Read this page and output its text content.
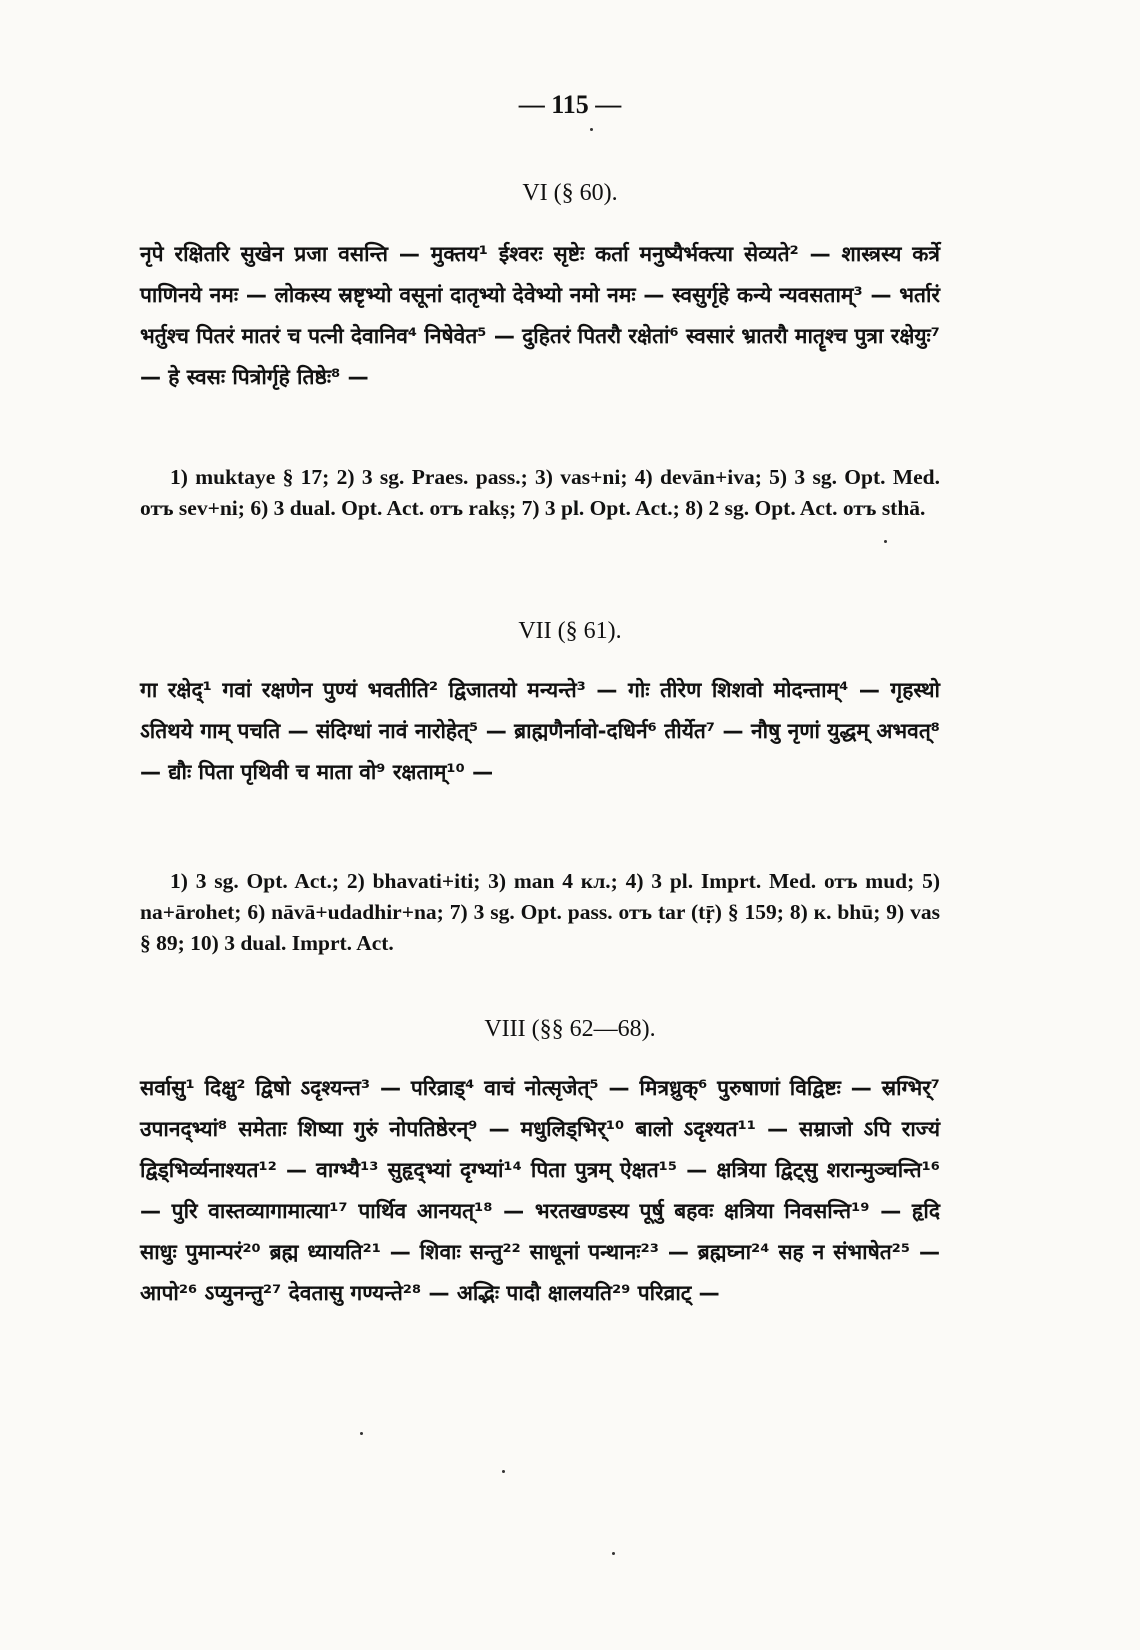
— 115 —
VI (§ 60).
नृपे रक्षितरि सुखेन प्रजा वसन्ति — मुक्तय¹ ईश्वरः सृष्टेः कर्ता मनुष्यैर्भक्त्या सेव्यते² — शास्त्रस्य कर्त्रे पाणिनये नमः — लोकस्य स्रष्टृभ्यो वसूनां दातृभ्यो देवेभ्यो नमो नमः — स्वसुर्गृहे कन्ये न्यवसताम्³ — भर्तारं भर्तुश्च पितरं मातरं च पत्नी देवानिव⁴ निषेवेत⁵ — दुहितरं पितरौ रक्षेतां⁶ स्वसारं भ्रातरौ मातॄश्च पुत्रा रक्षेयुः⁷ — हे स्वसः पित्रोर्गृहे तिष्ठेः⁸ —
1) muktaye § 17; 2) 3 sg. Praes. pass.; 3) vas+ni; 4) devān+iva; 5) 3 sg. Opt. Med. отъ sev+ni; 6) 3 dual. Opt. Act. отъ rakṣ; 7) 3 pl. Opt. Act.; 8) 2 sg. Opt. Act. отъ sthā.
VII (§ 61).
गा रक्षेद्¹ गवां रक्षणेन पुण्यं भवतीति² द्विजातयो मन्यन्ते³ — गोः तीरेण शिशवो मोदन्ताम्⁴ — गृहस्थो ऽतिथये गाम् पचति — संदिग्धां नावं नारोहेत्⁵ — ब्राह्मणैर्नावो-दधिर्न⁶ तीर्येत⁷ — नौषु नृणां युद्धम् अभवत्⁸ — द्यौः पिता पृथिवी च माता वो⁹ रक्षताम्¹⁰ —
1) 3 sg. Opt. Act.; 2) bhavati+iti; 3) man 4 кл.; 4) 3 pl. Imprt. Med. отъ mud; 5) na+ārohet; 6) nāvā+udadhir+na; 7) 3 sg. Opt. pass. отъ tar (tṝ) § 159; 8) к. bhū; 9) vas § 89; 10) 3 dual. Imprt. Act.
VIII (§§ 62—68).
सर्वासु¹ दिक्षु² द्विषो ऽदृश्यन्त³ — परिव्राड्⁴ वाचं नोत्सृजेत्⁵ — मित्रध्रुक्⁶ पुरुषाणां विद्विष्टः — स्रग्भिर्⁷ उपानद्भ्यां⁸ समेताः शिष्या गुरुं नोपतिष्ठेरन्⁹ — मधुलिड्भिर्¹⁰ बालो ऽदृश्यत¹¹ — सम्राजो ऽपि राज्यं द्विड्भिर्व्यनाश्यत¹² — वाग्भ्यै¹³ सुहृद्भ्यां दृग्भ्यां¹⁴ पिता पुत्रम् ऐक्षत¹⁵ — क्षत्रिया द्विट्सु शरान्मुञ्चन्ति¹⁶ — पुरि वास्तव्यागामात्या¹⁷ पार्थिव आनयत्¹⁸ — भरतखण्डस्य पूर्षु बहवः क्षत्रिया निवसन्ति¹⁹ — हृदि साधुः पुमान्परं²⁰ ब्रह्म ध्यायति²¹ — शिवाः सन्तु²² साधूनां पन्थानः²³ — ब्रह्मघ्ना²⁴ सह न संभाषेत²⁵ — आपो²⁶ ऽप्युनन्तु²⁷ देवतासु गण्यन्ते²⁸ — अद्भिः पादौ क्षालयति²⁹ परिव्राट् —
